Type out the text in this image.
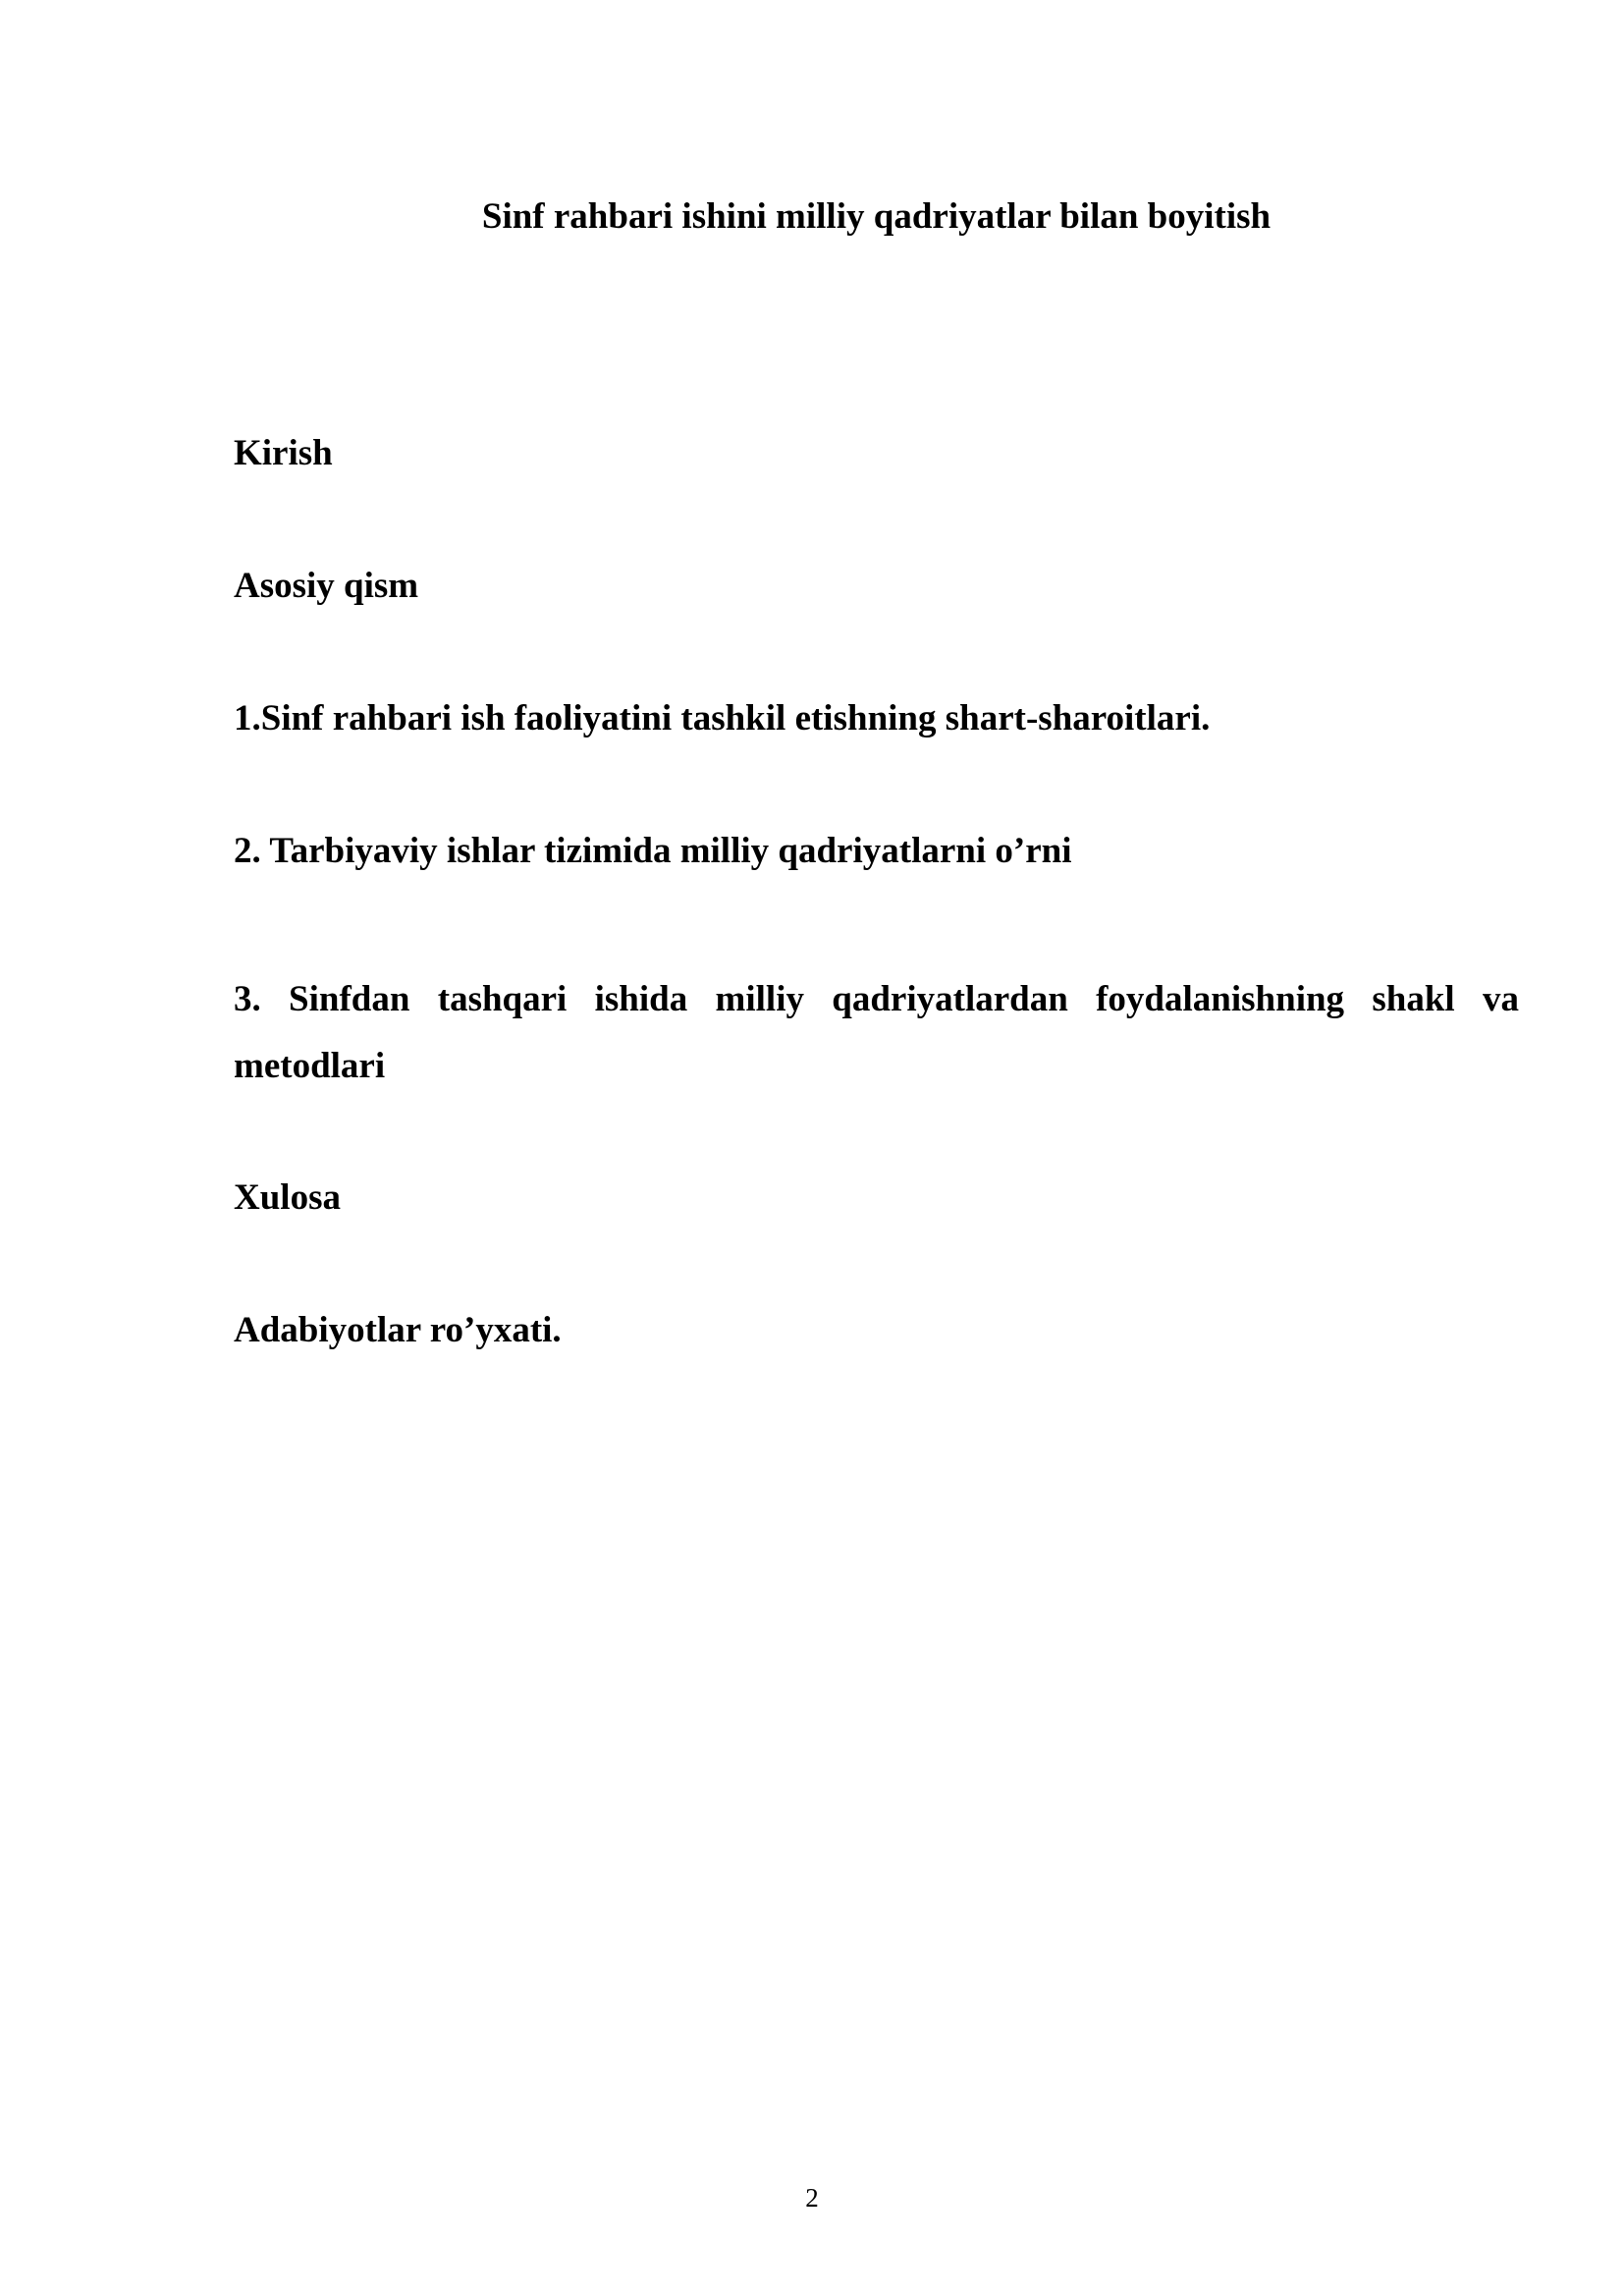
Sinf rahbari ishini milliy qadriyatlar bilan boyitish

Kirish

Asosiy qism

1.Sinf rahbari ish faoliyatini tashkil etishning shart-sharoitlari.

2. Tarbiyaviy ishlar tizimida milliy qadriyatlarni o’rni

3. Sinfdan tashqari ishida milliy qadriyatlardan foydalanishning shakl va metodlari

Xulosa

Adabiyotlar ro’yxati.

2
